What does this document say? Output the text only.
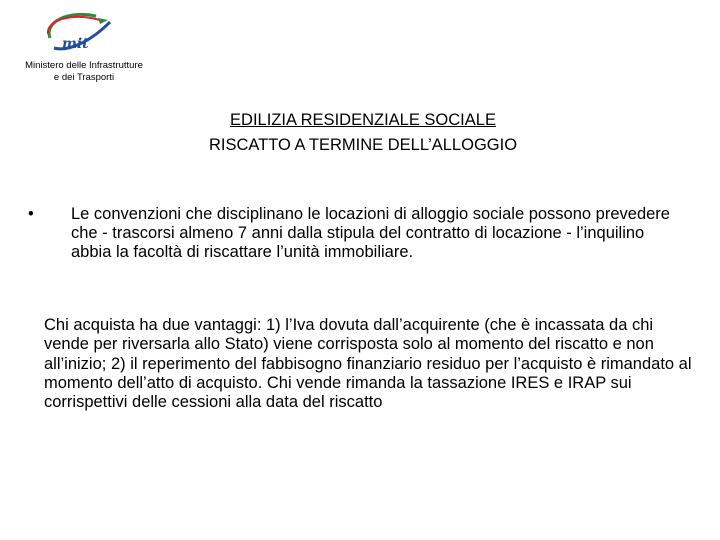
mit
Ministero delle Infrastrutture
e dei Trasporti
EDILIZIA RESIDENZIALE SOCIALE
RISCATTO A TERMINE DELL’ALLOGGIO
•	Le convenzioni che disciplinano le locazioni di alloggio sociale possono prevedere che - trascorsi almeno 7 anni dalla stipula del contratto di locazione - l’inquilino abbia la facoltà di riscattare l’unità immobiliare.
Chi acquista ha due vantaggi: 1) l’Iva dovuta dall’acquirente (che è incassata da chi vende per riversarla allo Stato) viene corrisposta solo al momento del riscatto e non all’inizio; 2) il reperimento del fabbisogno finanziario residuo per l’acquisto è rimandato al momento dell’atto di acquisto. Chi vende rimanda la tassazione IRES e IRAP sui corrispettivi delle cessioni alla data del riscatto
